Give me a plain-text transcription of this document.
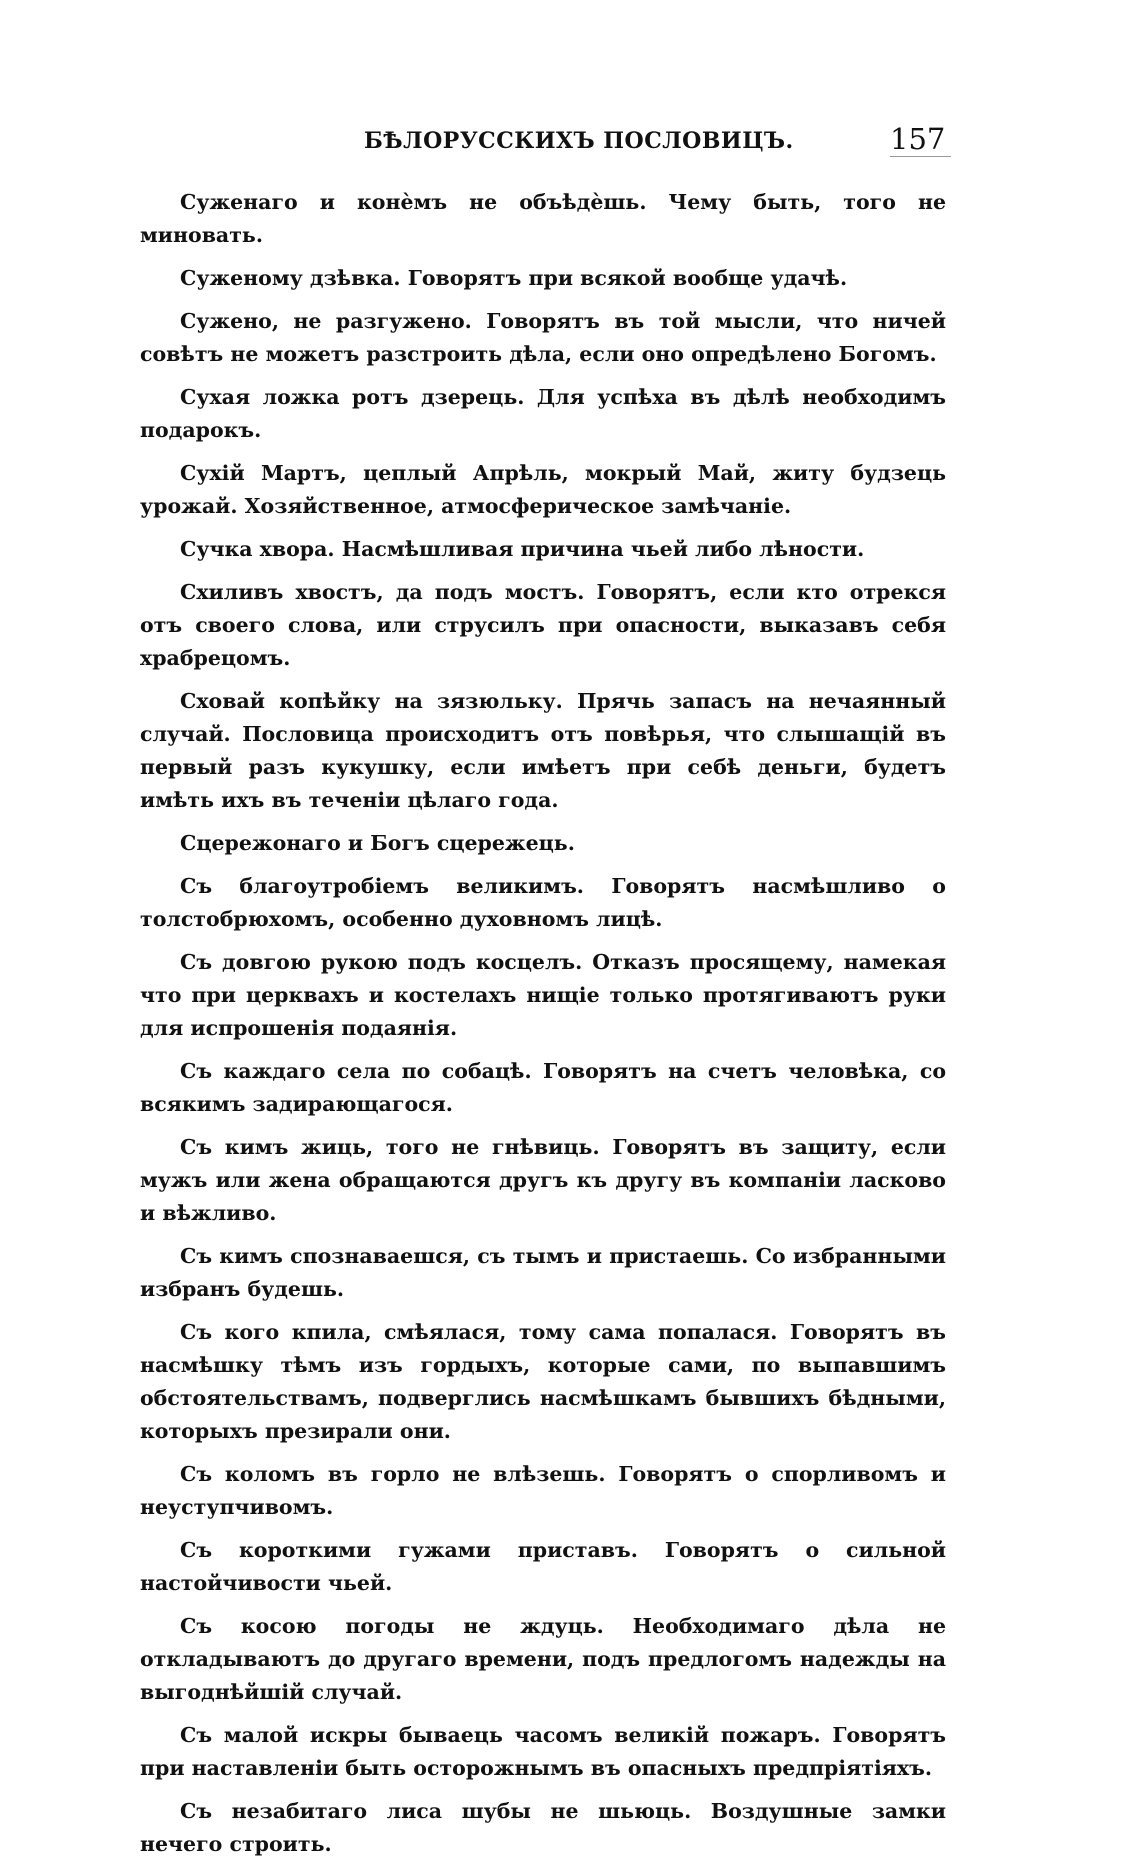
БѢЛОРУССКИХЪ ПОСЛОВИЦЪ.	157

Суженаго и конѐмъ не объѣдѐшь. Чему быть, того не миновать.

Суженому дзѣвка. Говорятъ при всякой вообще удачѣ.

Сужено, не разгужено. Говорятъ въ той мысли, что ничей совѣтъ не можетъ разстроить дѣла, если оно опредѣлено Богомъ.

Сухая ложка ротъ дзерець. Для успѣха въ дѣлѣ необходимъ подарокъ.

Сухій Мартъ, цеплый Апрѣль, мокрый Май, житу будзець урожай. Хозяйственное, атмосферическое замѣчаніе.

Сучка хвора. Насмѣшливая причина чьей либо лѣности.

Схиливъ хвостъ, да подъ мостъ. Говорятъ, если кто отрекся отъ своего слова, или струсилъ при опасности, выказавъ себя храбрецомъ.

Сховай копѣйку на зязюльку. Прячь запасъ на нечаянный случай. Пословица происходитъ отъ повѣрья, что слышащій въ первый разъ кукушку, если имѣетъ при себѣ деньги, будетъ имѣть ихъ въ теченіи цѣлаго года.

Сцережонаго и Богъ сцережець.

Съ благоутробіемъ великимъ. Говорятъ насмѣшливо о толстобрюхомъ, особенно духовномъ лицѣ.

Съ довгою рукою подъ косцелъ. Отказъ просящему, намекая что при церквахъ и костелахъ нищіе только протягиваютъ руки для испрошенія подаянія.

Съ каждаго села по собацѣ. Говорятъ на счетъ человѣка, со всякимъ задирающагося.

Съ кимъ жиць, того не гнѣвиць. Говорятъ въ защиту, если мужъ или жена обращаются другъ къ другу въ компаніи ласково и вѣжливо.

Съ кимъ спознаваешся, съ тымъ и пристаешь. Со избранными избранъ будешь.

Съ кого кпила, смѣялася, тому сама попалася. Говорятъ въ насмѣшку тѣмъ изъ гордыхъ, которые сами, по выпавшимъ обстоятельствамъ, подверглись насмѣшкамъ бывшихъ бѣдными, которыхъ презирали они.

Съ коломъ въ горло не влѣзешь. Говорятъ о спорливомъ и неуступчивомъ.

Съ короткими гужами приставъ. Говорятъ о сильной настойчивости чьей.

Съ косою погоды не ждуць. Необходимаго дѣла не откладываютъ до другаго времени, подъ предлогомъ надежды на выгоднѣйшій случай.

Съ малой искры бываець часомъ великій пожаръ. Говорятъ при наставленіи быть осторожнымъ въ опасныхъ предпріятіяхъ.

Съ незабитаго лиса шубы не шьюць. Воздушные замки нечего строить.
